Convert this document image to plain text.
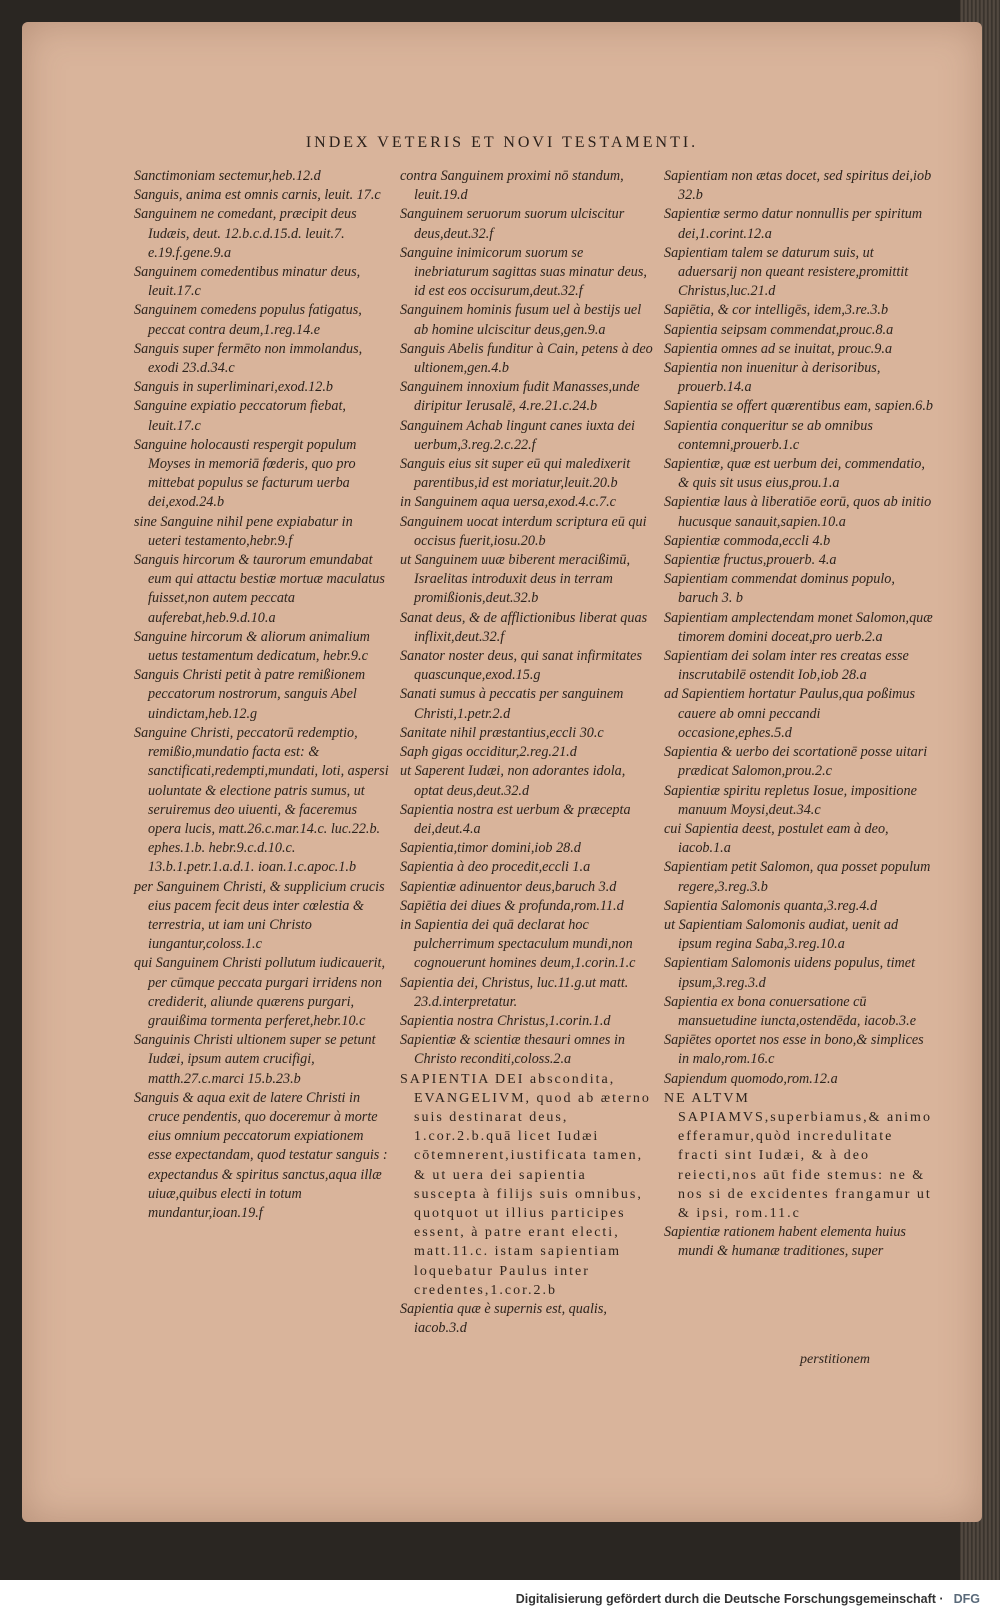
INDEX VETERIS ET NOVI TESTAMENTI.

Sanctimoniam sectemur,heb.12.d

Sanguis, anima est omnis carnis, leuit. 17.c

Sanguinem ne comedant, præcipit deus Iudæis, deut. 12.b.c.d.15.d. leuit.7. e.19.f.gene.9.a

Sanguinem comedentibus minatur deus, leuit.17.c

Sanguinem comedens populus fatigatus, peccat contra deum,1.reg.14.e

Sanguis super fermēto non immolandus, exodi 23.d.34.c

Sanguis in superliminari,exod.12.b

Sanguine expiatio peccatorum fiebat, leuit.17.c

Sanguine holocausti respergit populum Moyses in memoriā fœderis, quo pro mittebat populus se facturum uerba dei,exod.24.b

sine Sanguine nihil pene expiabatur in ueteri testamento,hebr.9.f

Sanguis hircorum & taurorum emundabat eum qui attactu bestiæ mortuæ maculatus fuisset,non autem peccata auferebat,heb.9.d.10.a

Sanguine hircorum & aliorum animalium uetus testamentum dedicatum, hebr.9.c

Sanguis Christi petit à patre remißionem peccatorum nostrorum, sanguis Abel uindictam,heb.12.g

Sanguine Christi, peccatorū redemptio, remißio,mundatio facta est: & sanctificati,redempti,mundati, loti, aspersi uoluntate & electione patris sumus, ut seruiremus deo uiuenti, & faceremus opera lucis, matt.26.c.mar.14.c. luc.22.b. ephes.1.b. hebr.9.c.d.10.c. 13.b.1.petr.1.a.d.1. ioan.1.c.apoc.1.b

per Sanguinem Christi, & supplicium crucis eius pacem fecit deus inter cœlestia & terrestria, ut iam uni Christo iungantur,coloss.1.c

qui Sanguinem Christi pollutum iudicauerit, per cūmque peccata purgari irridens non crediderit, aliunde quærens purgari, grauißima tormenta perferet,hebr.10.c

Sanguinis Christi ultionem super se petunt Iudæi, ipsum autem crucifigi, matth.27.c.marci 15.b.23.b

Sanguis & aqua exit de latere Christi in cruce pendentis, quo doceremur à morte eius omnium peccatorum expiationem esse expectandam, quod testatur sanguis : expectandus & spiritus sanctus,aqua illæ uiuæ,quibus electi in totum mundantur,ioan.19.f

contra Sanguinem proximi nō standum, leuit.19.d

Sanguinem seruorum suorum ulciscitur deus,deut.32.f

Sanguine inimicorum suorum se inebriaturum sagittas suas minatur deus, id est eos occisurum,deut.32.f

Sanguinem hominis fusum uel à bestijs uel ab homine ulciscitur deus,gen.9.a

Sanguis Abelis funditur à Cain, petens à deo ultionem,gen.4.b

Sanguinem innoxium fudit Manasses,unde diripitur Ierusalē, 4.re.21.c.24.b

Sanguinem Achab lingunt canes iuxta dei uerbum,3.reg.2.c.22.f

Sanguis eius sit super eū qui maledixerit parentibus,id est moriatur,leuit.20.b

in Sanguinem aqua uersa,exod.4.c.7.c

Sanguinem uocat interdum scriptura eū qui occisus fuerit,iosu.20.b

ut Sanguinem uuæ biberent meracißimū, Israelitas introduxit deus in terram promißionis,deut.32.b

Sanat deus, & de afflictionibus liberat quas inflixit,deut.32.f

Sanator noster deus, qui sanat infirmitates quascunque,exod.15.g

Sanati sumus à peccatis per sanguinem Christi,1.petr.2.d

Sanitate nihil præstantius,eccli 30.c

Saph gigas occiditur,2.reg.21.d

ut Saperent Iudæi, non adorantes idola, optat deus,deut.32.d

Sapientia nostra est uerbum & præcepta dei,deut.4.a

Sapientia,timor domini,iob 28.d

Sapientia à deo procedit,eccli 1.a

Sapientiæ adinuentor deus,baruch 3.d

Sapiētia dei diues & profunda,rom.11.d

in Sapientia dei quā declarat hoc pulcherrimum spectaculum mundi,non cognouerunt homines deum,1.corin.1.c

Sapientia dei, Christus, luc.11.g.ut matt. 23.d.interpretatur.

Sapientia nostra Christus,1.corin.1.d

Sapientiæ & scientiæ thesauri omnes in Christo reconditi,coloss.2.a

SAPIENTIA DEI abscondita, EVANGELIVM, quod ab æterno suis destinarat deus, 1.cor.2.b.quā licet Iudæi cōtemnerent,iustificata tamen, & ut uera dei sapientia suscepta à filijs suis omnibus, quotquot ut illius participes essent, à patre erant electi, matt.11.c. istam sapientiam loquebatur Paulus inter credentes,1.cor.2.b

Sapientia quæ è supernis est, qualis, iacob.3.d

Sapientiam non ætas docet, sed spiritus dei,iob 32.b

Sapientiæ sermo datur nonnullis per spiritum dei,1.corint.12.a

Sapientiam talem se daturum suis, ut aduersarij non queant resistere,promittit Christus,luc.21.d

Sapiētia, & cor intelligēs, idem,3.re.3.b

Sapientia seipsam commendat,prouc.8.a

Sapientia omnes ad se inuitat, prouc.9.a

Sapientia non inuenitur à derisoribus, prouerb.14.a

Sapientia se offert quærentibus eam, sapien.6.b

Sapientia conqueritur se ab omnibus contemni,prouerb.1.c

Sapientiæ, quæ est uerbum dei, commendatio, & quis sit usus eius,prou.1.a

Sapientiæ laus à liberatiōe eorū, quos ab initio hucusque sanauit,sapien.10.a

Sapientiæ commoda,eccli 4.b

Sapientiæ fructus,prouerb. 4.a

Sapientiam commendat dominus populo, baruch 3. b

Sapientiam amplectendam monet Salomon,quæ timorem domini doceat,pro uerb.2.a

Sapientiam dei solam inter res creatas esse inscrutabilē ostendit Iob,iob 28.a

ad Sapientiem hortatur Paulus,qua poßimus cauere ab omni peccandi occasione,ephes.5.d

Sapientia & uerbo dei scortationē posse uitari prædicat Salomon,prou.2.c

Sapientiæ spiritu repletus Iosue, impositione manuum Moysi,deut.34.c

cui Sapientia deest, postulet eam à deo, iacob.1.a

Sapientiam petit Salomon, qua posset populum regere,3.reg.3.b

Sapientia Salomonis quanta,3.reg.4.d

ut Sapientiam Salomonis audiat, uenit ad ipsum regina Saba,3.reg.10.a

Sapientiam Salomonis uidens populus, timet ipsum,3.reg.3.d

Sapientia ex bona conuersatione cū mansuetudine iuncta,ostendēda, iacob.3.e

Sapiētes oportet nos esse in bono,& simplices in malo,rom.16.c

Sapiendum quomodo,rom.12.a

NE ALTVM SAPIAMVS,superbiamus,& animo efferamur,quòd incredulitate fracti sint Iudæi, & à deo reiecti,nos aūt fide stemus: ne & nos si de excidentes frangamur ut & ipsi, rom.11.c

Sapientiæ rationem habent elementa huius mundi & humanæ traditiones, super

perstitionem
Digitalisierung gefördert durch die Deutsche Forschungsgemeinschaft ·DFG
